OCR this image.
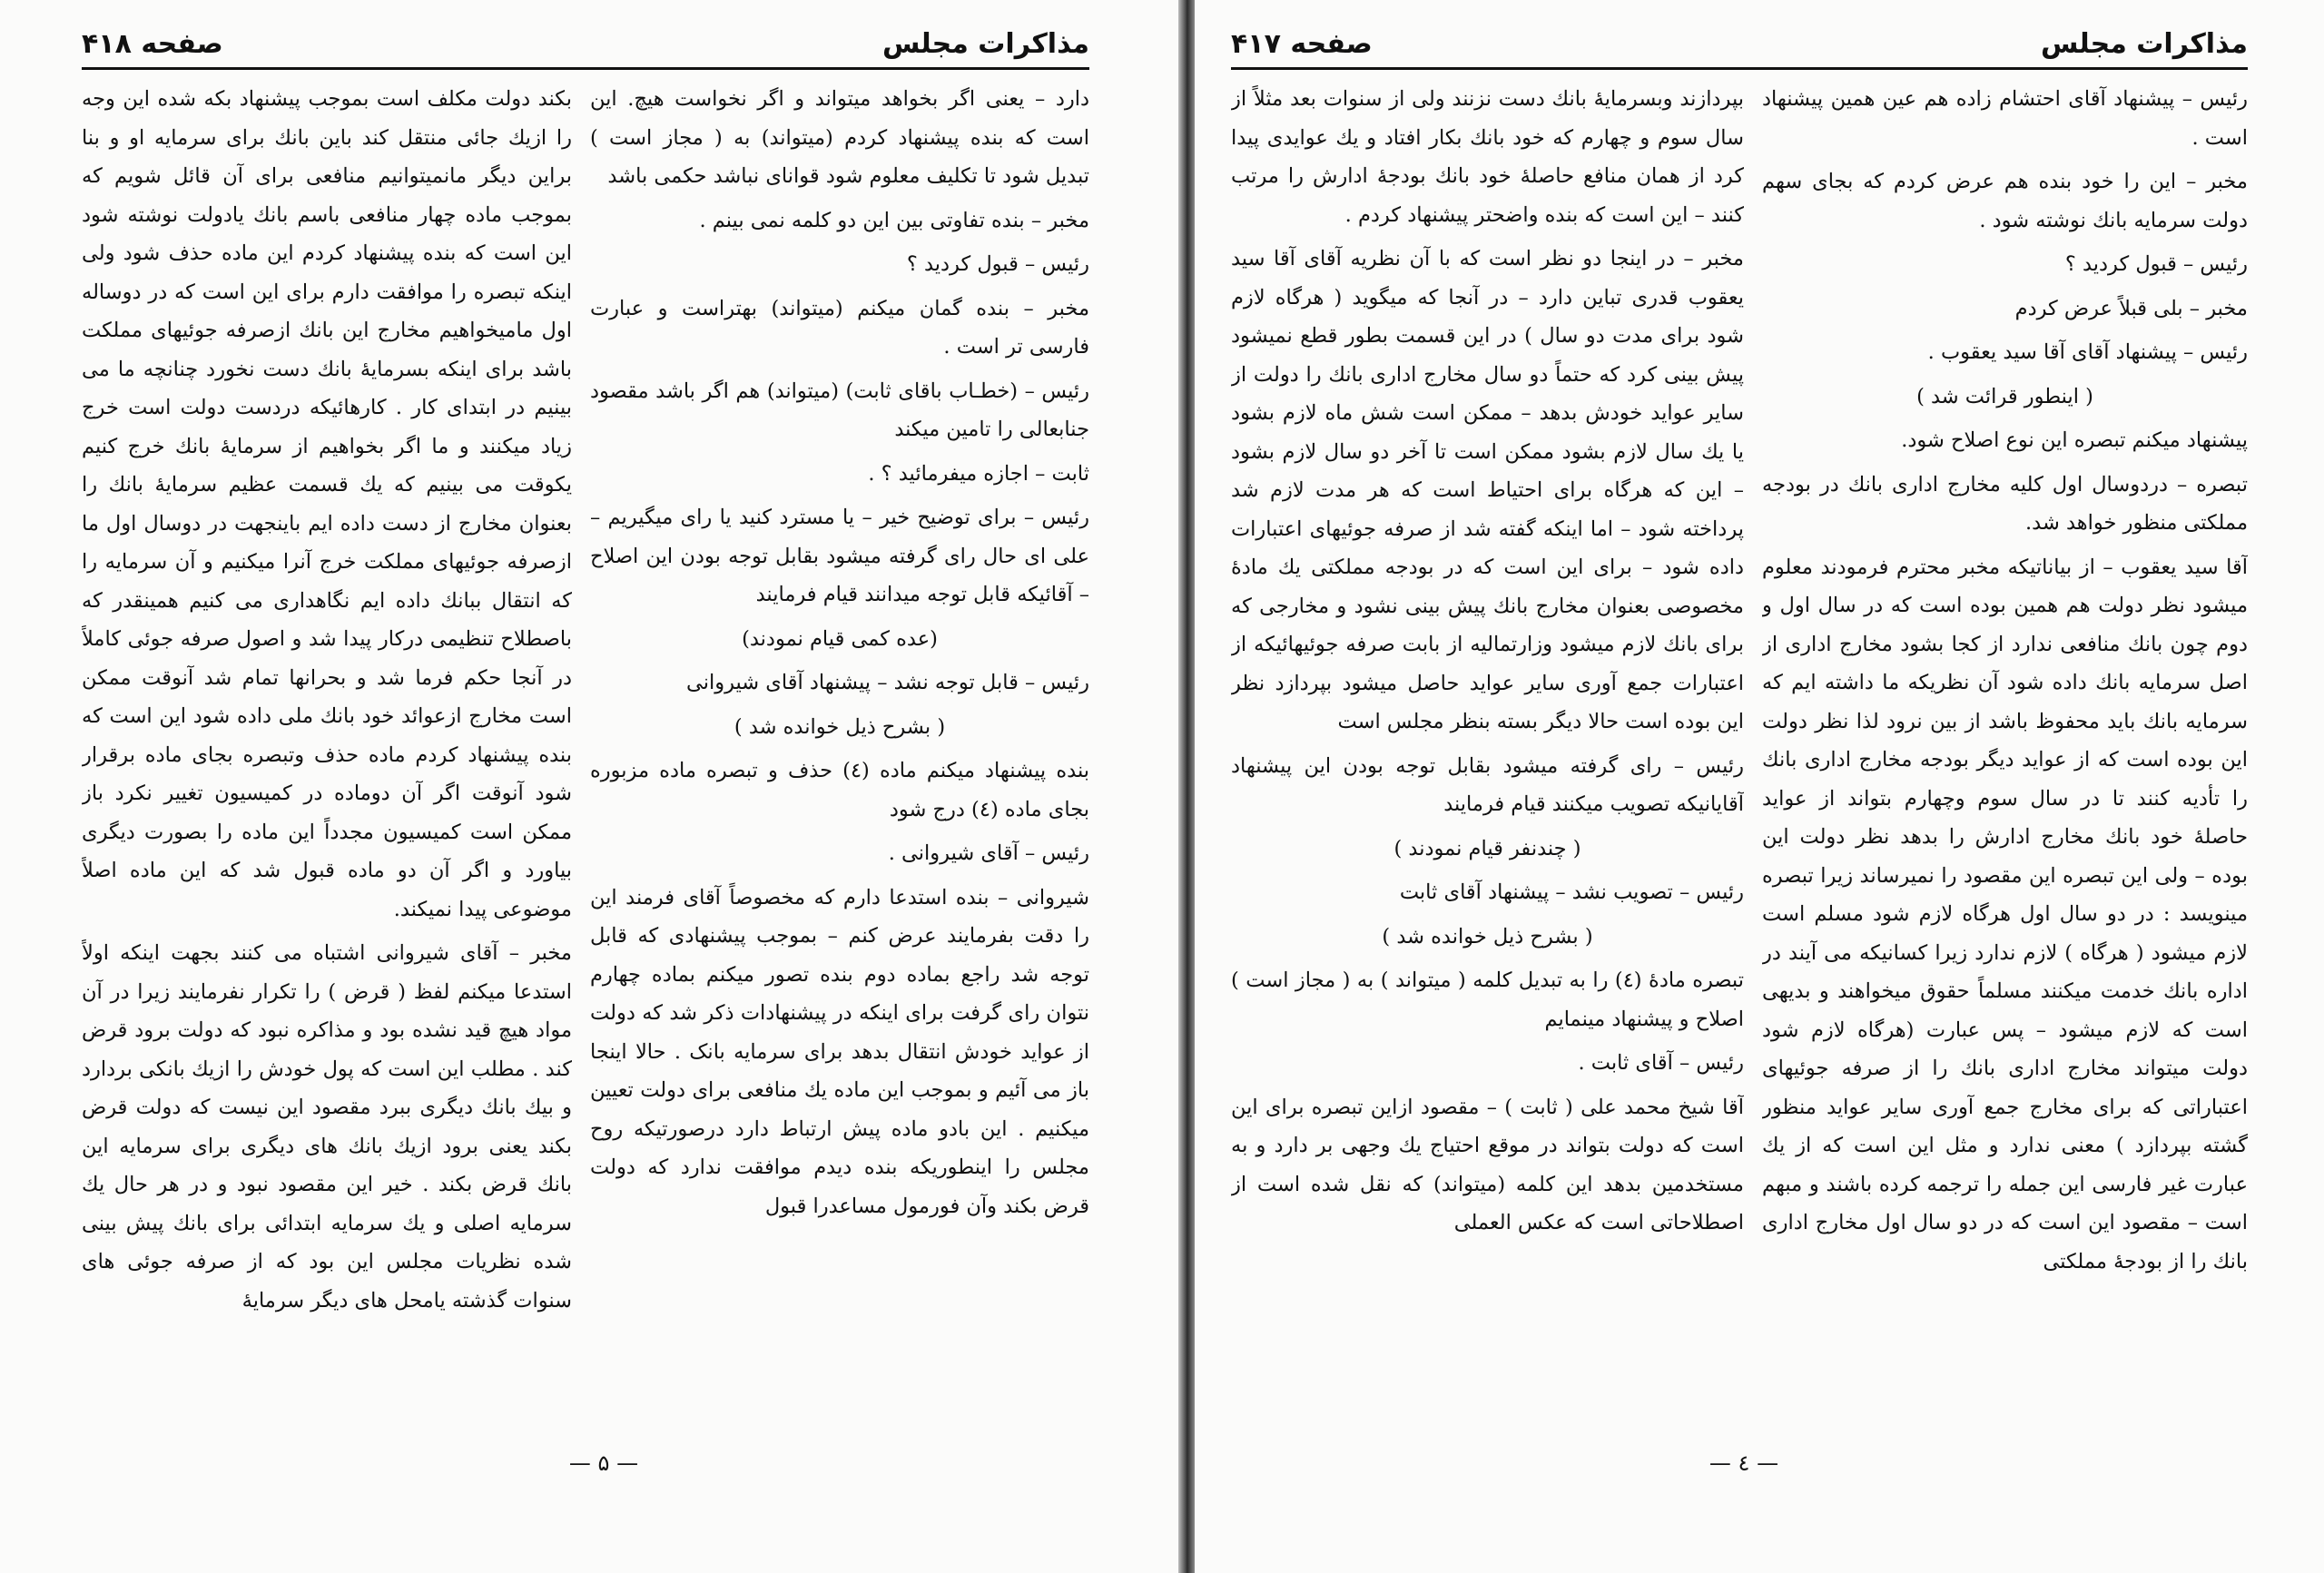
مذاکرات مجلس
صفحه ۴۱۸

دارد – یعنی اگر بخواهد میتواند و اگر نخواست هیچ. این است که بنده پیشنهاد کردم (میتواند) به ( مجاز است ) تبدیل شود تا تکلیف معلوم شود قوانای نباشد حکمی باشد

مخبر – بنده تفاوتی بین این دو کلمه نمی بینم .

رئیس – قبول کردید ؟

مخبر – بنده گمان میکنم (میتواند) بهتراست و عبارت فارسی تر است .

رئیس – (خطـاب باقای ثابت) (میتواند) هم اگر باشد مقصود جنابعالی را تامین میکند

ثابت – اجازه میفرمائید ؟ .

رئیس – برای توضیح خیر – یا مسترد کنید یا رای میگیریم – علی ای حال رای گرفته میشود بقابل توجه بودن این اصلاح – آقائیکه قابل توجه میدانند قیام فرمایند

(عده کمی قیام نمودند)

رئیس – قابل توجه نشد – پیشنهاد آقای شیروانی

( بشرح ذیل خوانده شد )

بنده پیشنهاد میکنم ماده (٤) حذف و تبصره ماده مزبوره بجای ماده (٤) درج شود

رئیس – آقای شیروانی .

شیروانی – بنده استدعا دارم که مخصوصاً آقای فرمند این را دقت بفرمایند عرض کنم – بموجب پیشنهادی که قابل توجه شد راجع بماده دوم بنده تصور میکنم بماده چهارم نتوان رای گرفت برای اینکه در پیشنهادات ذکر شد که دولت از عواید خودش انتقال بدهد برای سرمایه بانک . حالا اینجا باز می آئیم و بموجب این ماده یك منافعی برای دولت تعیین میکنیم . این بادو ماده پیش ارتباط دارد درصورتیکه روح مجلس را اینطوریکه بنده دیدم موافقت ندارد که دولت قرض بکند وآن فورمول مساعدرا قبول

بکند دولت مکلف است بموجب پیشنهاد بکه شده این وجه را ازیك جائی منتقل کند باین بانك برای سرمایه او و بنا براین دیگر مانمیتوانیم منافعی برای آن قائل شویم که بموجب ماده چهار منافعی باسم بانك یادولت نوشته شود این است که بنده پیشنهاد کردم این ماده حذف شود ولی اینکه تبصره را موافقت دارم برای این است که در دوساله اول مامیخواهیم مخارج این بانك ازصرفه جوئیهای مملکت باشد برای اینکه بسرمایهٔ بانك دست نخورد چنانچه ما می بینیم در ابتدای کار . کارهائیکه دردست دولت است خرج زیاد میکنند و ما اگر بخواهیم از سرمایهٔ بانك خرج کنیم یکوقت می بینیم که یك قسمت عظیم سرمایهٔ بانك را بعنوان مخارج از دست داده ایم باینجهت در دوسال اول ما ازصرفه جوئیهای مملکت خرج آنرا میکنیم و آن سرمایه را که انتقال ببانك داده ایم نگاهداری می کنیم همینقدر که باصطلاح تنظیمی درکار پیدا شد و اصول صرفه جوئی کاملاً در آنجا حکم فرما شد و بحرانها تمام شد آنوقت ممکن است مخارج ازعوائد خود بانك ملی داده شود این است که بنده پیشنهاد کردم ماده حذف وتبصره بجای ماده برقرار شود آنوقت اگر آن دوماده در کمیسیون تغییر نکرد باز ممکن است کمیسیون مجدداً این ماده را بصورت دیگری بیاورد و اگر آن دو ماده قبول شد که این ماده اصلاً موضوعی پیدا نمیکند.

مخبر – آقای شیروانی اشتباه می کنند بجهت اینکه اولاً استدعا میکنم لفظ ( قرض ) را تکرار نفرمایند زیرا در آن مواد هیچ قید نشده بود و مذاکره نبود که دولت برود قرض کند . مطلب این است که پول خودش را ازیك بانکی بردارد و بیك بانك دیگری ببرد مقصود این نیست که دولت قرض بکند یعنی برود ازیك بانك های دیگری برای سرمایه این بانك قرض بکند . خیر این مقصود نبود و در هر حال یك سرمایه اصلی و یك سرمایه ابتدائی برای بانك پیش بینی شده نظریات مجلس این بود که از صرفه جوئی های سنوات گذشته یامحل های دیگر سرمایهٔ

— ۵ —
مذاکرات مجلس
صفحه ۴۱۷

رئیس – پیشنهاد آقای احتشام زاده هم عین همین پیشنهاد است .

مخبر – این را خود بنده هم عرض کردم که بجای سهم دولت سرمایه بانك نوشته شود .

رئیس – قبول کردید ؟

مخبر – بلی قبلاً عرض کردم

رئیس – پیشنهاد آقای آقا سید یعقوب .

( اینطور قرائت شد )

پیشنهاد میکنم تبصره این نوع اصلاح شود.

تبصره – دردوسال اول کلیه مخارج اداری بانك در بودجه مملکتی منظور خواهد شد.

آقا سید یعقوب – از بیاناتیکه مخبر محترم فرمودند معلوم میشود نظر دولت هم همین بوده است که در سال اول و دوم چون بانك منافعی ندارد از کجا بشود مخارج اداری از اصل سرمایه بانك داده شود آن نظریکه ما داشته ایم که سرمایه بانك باید محفوظ باشد از بین نرود لذا نظر دولت این بوده است که از عواید دیگر بودجه مخارج اداری بانك را تأدیه کنند تا در سال سوم وچهارم بتواند از عواید حاصلهٔ خود بانك مخارج ادارش را بدهد نظر دولت این بوده – ولی این تبصره این مقصود را نمیرساند زیرا تبصره مینویسد : در دو سال اول هرگاه لازم شود مسلم است لازم میشود ( هرگاه ) لازم ندارد زیرا کسانیکه می آیند در اداره بانك خدمت میکنند مسلماً حقوق میخواهند و بدیهی است که لازم میشود – پس عبارت (هرگاه لازم شود دولت میتواند مخارج اداری بانك را از صرفه جوئیهای اعتباراتی که برای مخارج جمع آوری سایر عواید منظور گشته بپردازد ) معنی ندارد و مثل این است که از یك عبارت غیر فارسی این جمله را ترجمه کرده باشند و مبهم است – مقصود این است که در دو سال اول مخارج اداری بانك را از بودجهٔ مملکتی

بپردازند وبسرمایهٔ بانك دست نزنند ولی از سنوات بعد مثلاً از سال سوم و چهارم که خود بانك بکار افتاد و یك عوایدی پیدا کرد از همان منافع حاصلهٔ خود بانك بودجهٔ ادارش را مرتب کنند – این است که بنده واضحتر پیشنهاد کردم .

مخبر – در اینجا دو نظر است که با آن نظریه آقای آقا سید یعقوب قدری تباین دارد – در آنجا که میگوید ( هرگاه لازم شود برای مدت دو سال ) در این قسمت بطور قطع نمیشود پیش بینی کرد که حتماً دو سال مخارج اداری بانك را دولت از سایر عواید خودش بدهد – ممکن است شش ماه لازم بشود یا یك سال لازم بشود ممکن است تا آخر دو سال لازم بشود – این که هرگاه برای احتیاط است که هر مدت لازم شد پرداخته شود – اما اینکه گفته شد از صرفه جوئیهای اعتبارات داده شود – برای این است که در بودجه مملکتی یك مادهٔ مخصوصی بعنوان مخارج بانك پیش بینی نشود و مخارجی که برای بانك لازم میشود وزارتمالیه از بابت صرفه جوئیهائیکه از اعتبارات جمع آوری سایر عواید حاصل میشود بپردازد نظر این بوده است حالا دیگر بسته بنظر مجلس است

رئیس – رای گرفته میشود بقابل توجه بودن این پیشنهاد آقایانیکه تصویب میکنند قیام فرمایند

( چندنفر قیام نمودند )

رئیس – تصویب نشد – پیشنهاد آقای ثابت

( بشرح ذیل خوانده شد )

تبصره مادهٔ (٤) را به تبدیل کلمه ( میتواند ) به ( مجاز است ) اصلاح و پیشنهاد مینمایم

رئیس – آقای ثابت .

آقا شیخ محمد علی ( ثابت ) – مقصود ازاین تبصره برای این است که دولت بتواند در موقع احتیاج یك وجهی بر دارد و به مستخدمین بدهد این کلمه (میتواند) که نقل شده است از اصطلاحاتی است که عکس العملی

— ٤ —
